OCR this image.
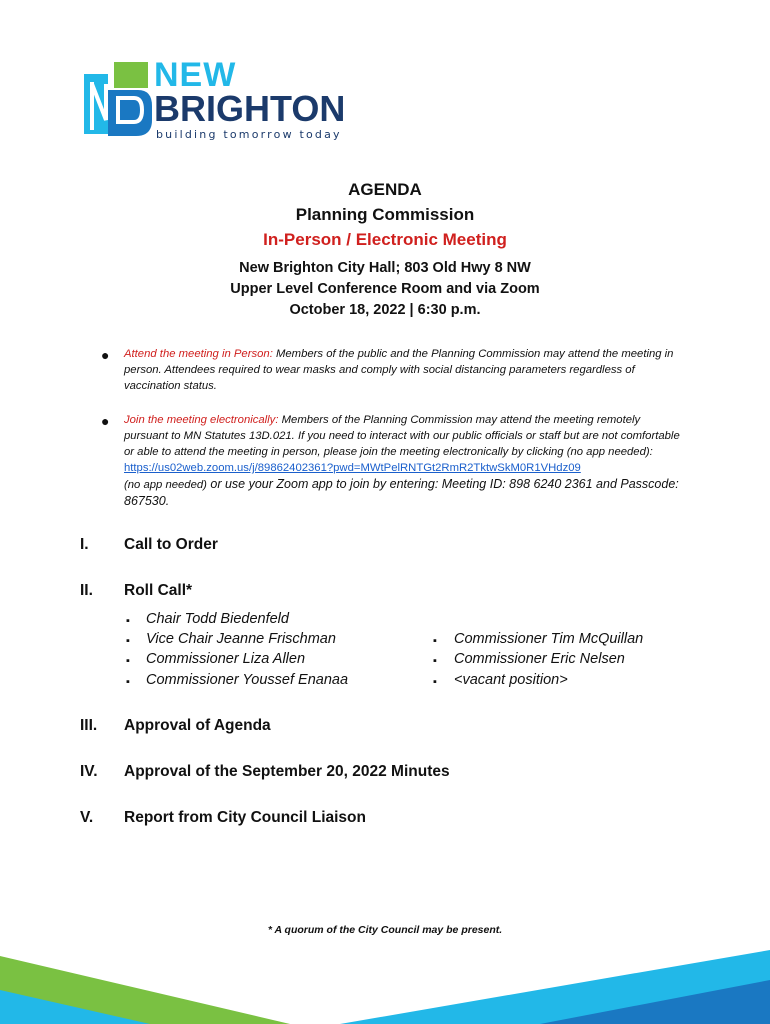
NEW
BRIGHTON
building tomorrow today
AGENDA
Planning Commission
In-Person / Electronic Meeting
New Brighton City Hall; 803 Old Hwy 8 NW
Upper Level Conference Room and via Zoom
October 18, 2022 | 6:30 p.m.
● Attend the meeting in Person: Members of the public and the Planning Commission may attend the meeting in person. Attendees required to wear masks and comply with social distancing parameters regardless of vaccination status.
● Join the meeting electronically: Members of the Planning Commission may attend the meeting remotely pursuant to MN Statutes 13D.021. If you need to interact with our public officials or staff but are not comfortable or able to attend the meeting in person, please join the meeting electronically by clicking (no app needed): https://us02web.zoom.us/j/89862402361?pwd=MWtPelRNTGt2RmR2TktwSkM0R1VHdz09
(no app needed) or use your Zoom app to join by entering: Meeting ID: 898 6240 2361 and Passcode: 867530.
I. Call to Order
II. Roll Call*
▪ Chair Todd Biedenfeld
▪ Vice Chair Jeanne Frischman
▪ Commissioner Liza Allen
▪ Commissioner Youssef Enanaa
▪ Commissioner Tim McQuillan
▪ Commissioner Eric Nelsen
▪ <vacant position>
III. Approval of Agenda
IV. Approval of the September 20, 2022 Minutes
V. Report from City Council Liaison
* A quorum of the City Council may be present.
